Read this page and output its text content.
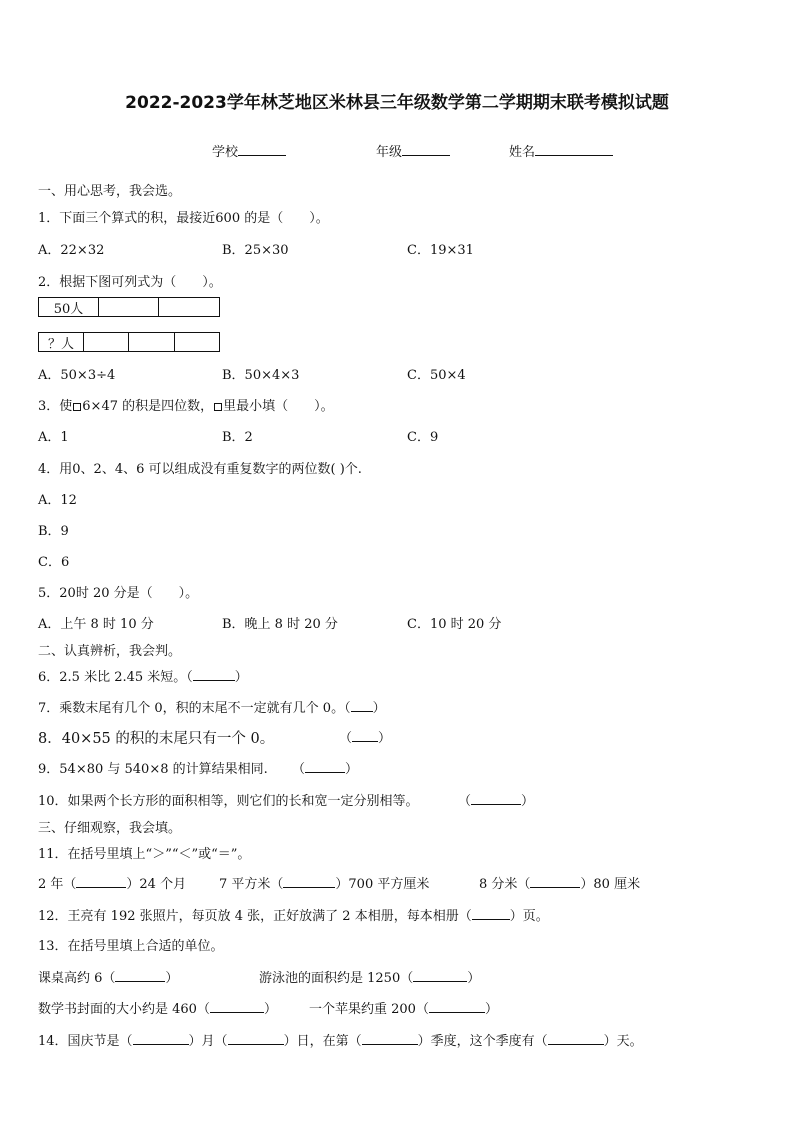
2022-2023学年林芝地区米林县三年级数学第二学期期末联考模拟试题
学校	年级	姓名
一、用心思考，我会选。
1．下面三个算式的积，最接近600 的是（　　）。
A．22×32	B．25×30	C．19×31
2．根据下图可列式为（　　）。
50人
？人
A．50×3÷4	B．50×4×3	C．50×4
3．使 6×47 的积是四位数， 里最小填（　　）。
A．1	B．2	C．9
4．用0、2、4、6 可以组成没有重复数字的两位数( )个.
A．12
B．9
C．6
5．20时 20 分是（　　）。
A．上午 8 时 10 分	B．晚上 8 时 20 分	C．10 时 20 分
二、认真辨析，我会判。
6．2.5 米比 2.45 米短。（	）
7．乘数末尾有几个 0，积的末尾不一定就有几个 0。（ ）
8．40×55 的积的末尾只有一个 0。	（ ）
9．54×80 与 540×8 的计算结果相同. （	）
10．如果两个长方形的面积相等，则它们的长和宽一定分别相等。	（	）
三、仔细观察，我会填。
11．在括号里填上“＞”“＜”或“＝”。
2 年（	）24 个月	7 平方米（	）700 平方厘米	8 分米（	）80 厘米
12．王亮有 192 张照片，每页放 4 张，正好放满了 2 本相册，每本相册（	）页。
13．在括号里填上合适的单位。
课桌高约 6（	）	游泳池的面积约是 1250（	）
数学书封面的大小约是 460（	） 一个苹果约重 200（	）
14．国庆节是（	）月（	）日，在第（	）季度，这个季度有（	）天。
